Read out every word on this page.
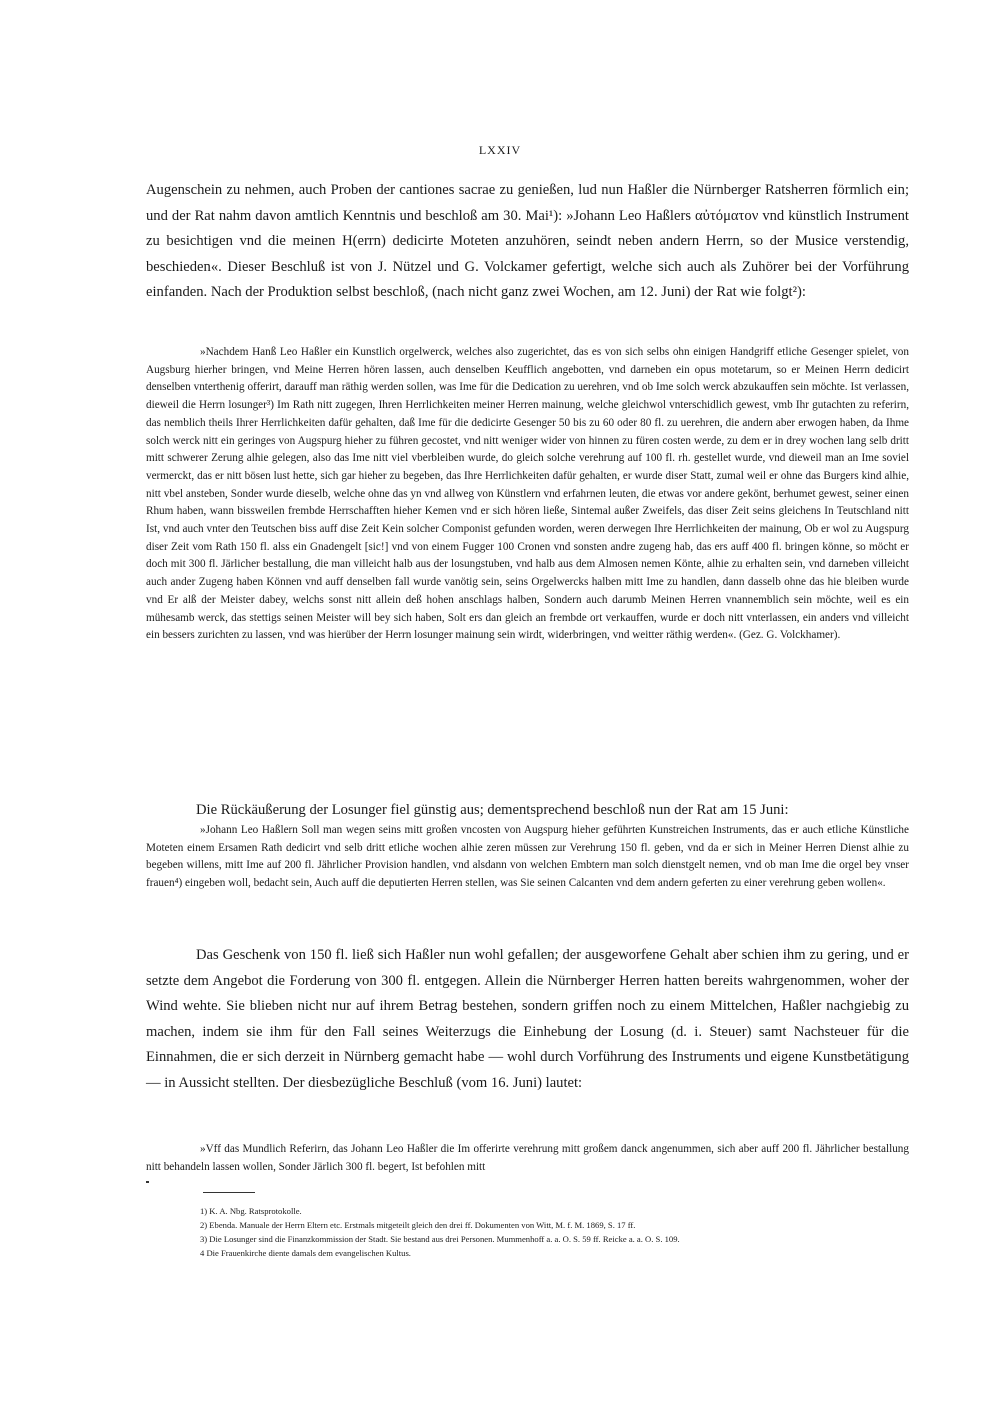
LXXIV

Augenschein zu nehmen, auch Proben der cantiones sacrae zu genießen, lud nun Haßler die Nürnberger Ratsherren förmlich ein; und der Rat nahm davon amtlich Kenntnis und beschloß am 30. Mai¹): »Johann Leo Haßlers αὐτόματον vnd künstlich Instrument zu besichtigen vnd die meinen H(errn) dedicirte Moteten anzuhören, seindt neben andern Herrn, so der Musice verstendig, beschieden«. Dieser Beschluß ist von J. Nützel und G. Volckamer gefertigt, welche sich auch als Zuhörer bei der Vorführung einfanden. Nach der Produktion selbst beschloß, (nach nicht ganz zwei Wochen, am 12. Juni) der Rat wie folgt²):

»Nachdem Hanß Leo Haßler ein Kunstlich orgelwerck, welches also zugerichtet, das es von sich selbs ohn einigen Handgriff etliche Gesenger spielet, von Augsburg hierher bringen, vnd Meine Herren hören lassen, auch denselben Keufflich angebotten, vnd darneben ein opus motetarum, so er Meinen Herrn dedicirt denselben vnterthenig offerirt, darauff man räthig werden sollen, was Ime für die Dedication zu uerehren, vnd ob Ime solch werck abzukauffen sein möchte. Ist verlassen, dieweil die Herrn losunger³) Im Rath nitt zugegen, Ihren Herrlichkeiten meiner Herren mainung, welche gleichwol vnterschidlich gewest, vmb Ihr gutachten zu referirn, das nemblich theils Ihrer Herrlichkeiten dafür gehalten, daß Ime für die dedicirte Gesenger 50 bis zu 60 oder 80 fl. zu uerehren, die andern aber erwogen haben, da Ihme solch werck nitt ein geringes von Augspurg hieher zu führen gecostet, vnd nitt weniger wider von hinnen zu füren costen werde, zu dem er in drey wochen lang selb dritt mitt schwerer Zerung alhie gelegen, also das Ime nitt viel vberbleiben wurde, do gleich solche verehrung auf 100 fl. rh. gestellet wurde, vnd dieweil man an Ime soviel vermerckt, das er nitt bösen lust hette, sich gar hieher zu begeben, das Ihre Herrlichkeiten dafür gehalten, er wurde diser Statt, zumal weil er ohne das Burgers kind alhie, nitt vbel ansteben, Sonder wurde dieselb, welche ohne das yn vnd allweg von Künstlern vnd erfahrnen leuten, die etwas vor andere gekönt, berhumet gewest, seiner einen Rhum haben, wann bissweilen frembde Herrschafften hieher Kemen vnd er sich hören ließe, Sintemal außer Zweifels, das diser Zeit seins gleichens In Teutschland nitt Ist, vnd auch vnter den Teutschen biss auff dise Zeit Kein solcher Componist gefunden worden, weren derwegen Ihre Herrlichkeiten der mainung, Ob er wol zu Augspurg diser Zeit vom Rath 150 fl. alss ein Gnadengelt [sic!] vnd von einem Fugger 100 Cronen vnd sonsten andre zugeng hab, das ers auff 400 fl. bringen könne, so möcht er doch mit 300 fl. Järlicher bestallung, die man villeicht halb aus der losungstuben, vnd halb aus dem Almosen nemen Könte, alhie zu erhalten sein, vnd darneben villeicht auch ander Zugeng haben Können vnd auff denselben fall wurde vanötig sein, seins Orgelwercks halben mitt Ime zu handlen, dann dasselb ohne das hie bleiben wurde vnd Er alß der Meister dabey, welchs sonst nitt allein deß hohen anschlags halben, Sondern auch darumb Meinen Herren vnannemblich sein möchte, weil es ein mühesamb werck, das stettigs seinen Meister will bey sich haben, Solt ers dan gleich an frembde ort verkauffen, wurde er doch nitt vnterlassen, ein anders vnd villeicht ein bessers zurichten zu lassen, vnd was hierüber der Herrn losunger mainung sein wirdt, widerbringen, vnd weitter räthig werden«. (Gez. G. Volckhamer).

Die Rückäußerung der Losunger fiel günstig aus; dementsprechend beschloß nun der Rat am 15 Juni:

»Johann Leo Haßlern Soll man wegen seins mitt großen vncosten von Augspurg hieher geführten Kunstreichen Instruments, das er auch etliche Künstliche Moteten einem Ersamen Rath dedicirt vnd selb dritt etliche wochen alhie zeren müssen zur Verehrung 150 fl. geben, vnd da er sich in Meiner Herren Dienst alhie zu begeben willens, mitt Ime auf 200 fl. Jährlicher Provision handlen, vnd alsdann von welchen Embtern man solch dienstgelt nemen, vnd ob man Ime die orgel bey vnser frauen⁴) eingeben woll, bedacht sein, Auch auff die deputierten Herren stellen, was Sie seinen Calcanten vnd dem andern geferten zu einer verehrung geben wollen«.

Das Geschenk von 150 fl. ließ sich Haßler nun wohl gefallen; der ausgeworfene Gehalt aber schien ihm zu gering, und er setzte dem Angebot die Forderung von 300 fl. entgegen. Allein die Nürnberger Herren hatten bereits wahrgenommen, woher der Wind wehte. Sie blieben nicht nur auf ihrem Betrag bestehen, sondern griffen noch zu einem Mittelchen, Haßler nachgiebig zu machen, indem sie ihm für den Fall seines Weiterzugs die Einhebung der Losung (d. i. Steuer) samt Nachsteuer für die Einnahmen, die er sich derzeit in Nürnberg gemacht habe — wohl durch Vorführung des Instruments und eigene Kunstbetätigung — in Aussicht stellten. Der diesbezügliche Beschluß (vom 16. Juni) lautet:

»Vff das Mundlich Referirn, das Johann Leo Haßler die Im offerirte verehrung mitt großem danck angenummen, sich aber auff 200 fl. Jährlicher bestallung nitt behandeln lassen wollen, Sonder Järlich 300 fl. begert, Ist befohlen mitt

1) K. A. Nbg. Ratsprotokolle.
2) Ebenda. Manuale der Herrn Eltern etc. Erstmals mitgeteilt gleich den drei ff. Dokumenten von Witt, M. f. M. 1869, S. 17 ff.
3) Die Losunger sind die Finanzkommission der Stadt. Sie bestand aus drei Personen. Mummenhoff a. a. O. S. 59 ff. Reicke a. a. O. S. 109.
4 Die Frauenkirche diente damals dem evangelischen Kultus.
